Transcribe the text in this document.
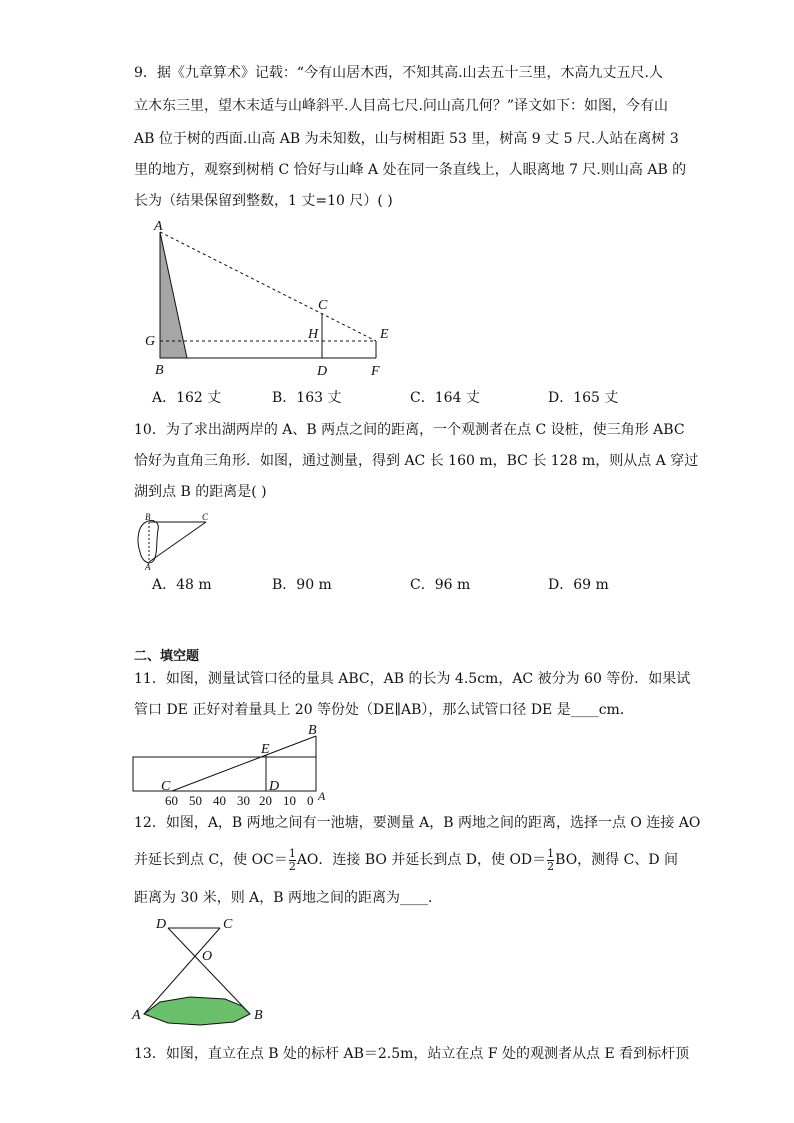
9．据《九章算术》记载：“今有山居木西，不知其高.山去五十三里，木高九丈五尺.人
立木东三里，望木末适与山峰斜平.人目高七尺.问山高几何？”译文如下：如图，今有山
AB 位于树的西面.山高 AB 为未知数，山与树相距 53 里，树高 9 丈 5 尺.人站在离树 3
里的地方，观察到树梢 C 恰好与山峰 A 处在同一条直线上，人眼离地 7 尺.则山高 AB 的
长为（结果保留到整数，1 丈=10 尺）( )
A
G
B
C
H
D
E
F
A．162 丈	B．163 丈	C．164 丈	D．165 丈
10．为了求出湖两岸的 A、B 两点之间的距离，一个观测者在点 C 设桩，使三角形 ABC
恰好为直角三角形．如图，通过测量，得到 AC 长 160 m，BC 长 128 m，则从点 A 穿过
湖到点 B 的距离是( )
B	C
A
A．48 m	B．90 m	C．96 m	D．69 m
二、填空题
11．如图，测量试管口径的量具 ABC，AB 的长为 4.5cm，AC 被分为 60 等份．如果试
管口 DE 正好对着量具上 20 等份处（DE∥AB），那么试管口径 DE 是____cm．
B
E
D
C
A
60 50 40 30 20 10 0
12．如图，A，B 两地之间有一池塘，要测量 A，B 两地之间的距离，选择一点 O 连接 AO
并延长到点 C，使 $OC= \frac{1}{2}$ AO．连接 BO 并延长到点 D，使 $OD= \frac{1}{2}$ BO，测得 C、D 间
距离为 30 米，则 A，B 两地之间的距离为____．
D	C
O
A	B
13．如图，直立在点 B 处的标杆 AB＝2.5m，站立在点 F 处的观测者从点 E 看到标杆顶
